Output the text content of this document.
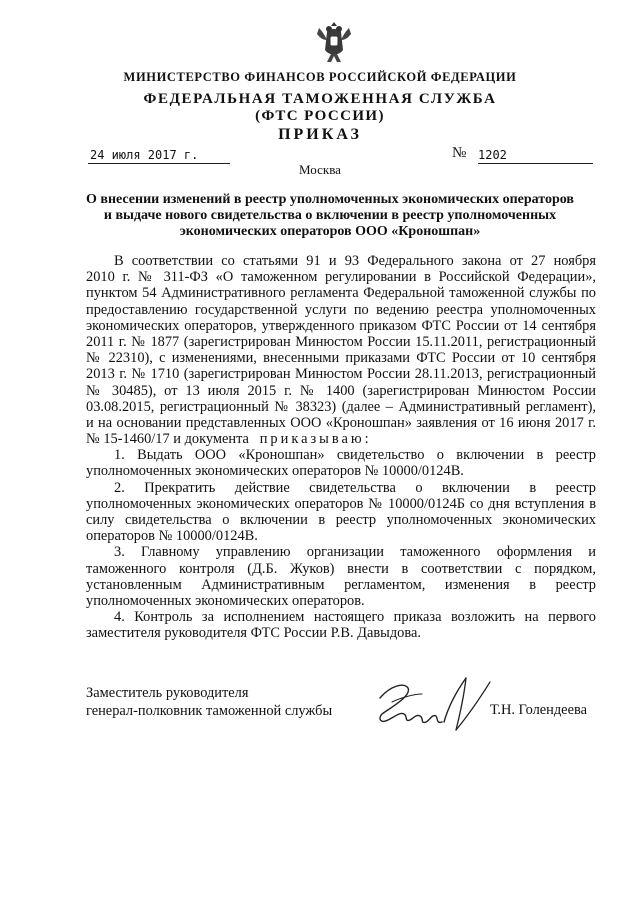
МИНИСТЕРСТВО ФИНАНСОВ РОССИЙСКОЙ ФЕДЕРАЦИИ
ФЕДЕРАЛЬНАЯ ТАМОЖЕННАЯ СЛУЖБА
(ФТС РОССИИ)
ПРИКАЗ
24 июля 2017 г.	№ 1202
Москва
О внесении изменений в реестр уполномоченных экономических операторов
и выдаче нового свидетельства о включении в реестр уполномоченных
экономических операторов ООО «Кроношпан»
В соответствии со статьями 91 и 93 Федерального закона от 27 ноября
2010 г. № 311-ФЗ «О таможенном регулировании в Российской Федерации»,
пунктом 54 Административного регламента Федеральной таможенной службы по
предоставлению государственной услуги по ведению реестра уполномоченных
экономических операторов, утвержденного приказом ФТС России от 14 сентября
2011 г. № 1877 (зарегистрирован Минюстом России 15.11.2011, регистрационный
№ 22310), с изменениями, внесенными приказами ФТС России от 10 сентября
2013 г. № 1710 (зарегистрирован Минюстом России 28.11.2013, регистрационный
№ 30485), от 13 июля 2015 г. № 1400 (зарегистрирован Минюстом России
03.08.2015, регистрационный № 38323) (далее – Административный регламент),
и на основании представленных ООО «Кроношпан» заявления от 16 июня 2017 г.
№ 15-1460/17 и документа приказываю:
1. Выдать ООО «Кроношпан» свидетельство о включении в реестр
уполномоченных экономических операторов № 10000/0124В.
2. Прекратить действие свидетельства о включении в реестр
уполномоченных экономических операторов № 10000/0124Б со дня вступления в
силу свидетельства о включении в реестр уполномоченных экономических
операторов № 10000/0124В.
3. Главному управлению организации таможенного оформления и
таможенного контроля (Д.Б. Жуков) внести в соответствии с порядком,
установленным Административным регламентом, изменения в реестр
уполномоченных экономических операторов.
4. Контроль за исполнением настоящего приказа возложить на первого
заместителя руководителя ФТС России Р.В. Давыдова.
Заместитель руководителя
генерал-полковник таможенной службы	Т.Н. Голендеева
